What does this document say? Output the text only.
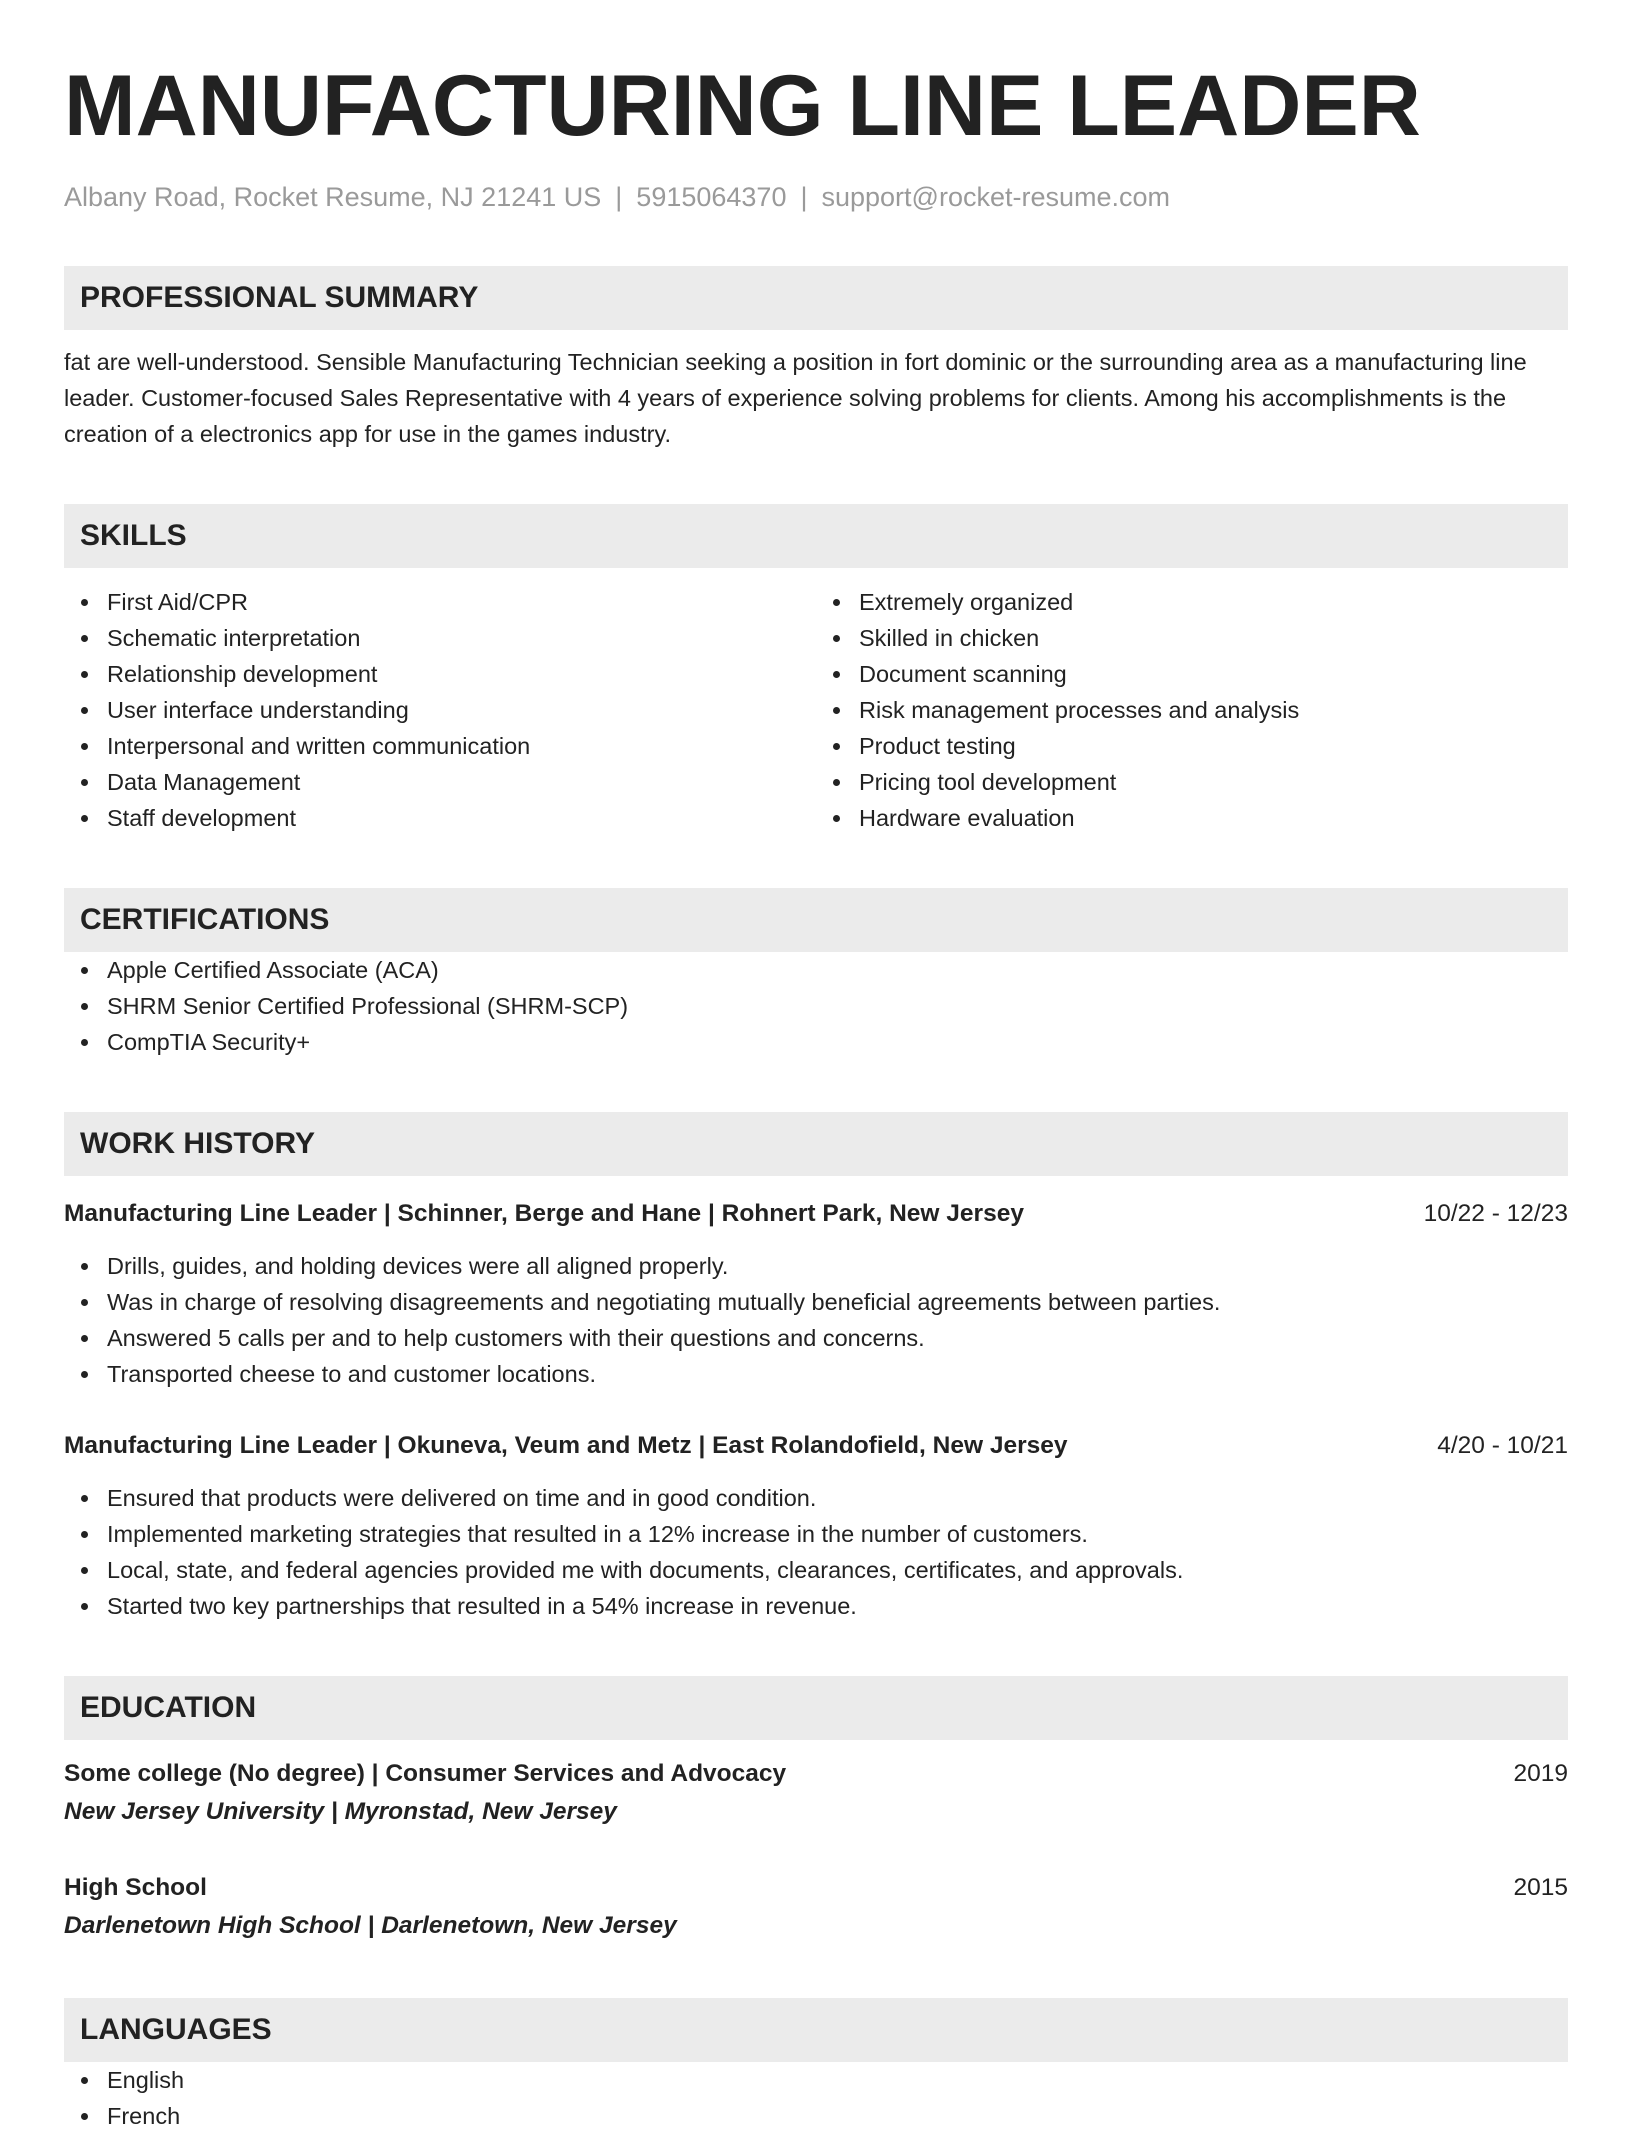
MANUFACTURING LINE LEADER
Albany Road, Rocket Resume, NJ 21241 US | 5915064370 | support@rocket-resume.com
PROFESSIONAL SUMMARY
fat are well-understood. Sensible Manufacturing Technician seeking a position in fort dominic or the surrounding area as a manufacturing line leader. Customer-focused Sales Representative with 4 years of experience solving problems for clients. Among his accomplishments is the creation of a electronics app for use in the games industry.
SKILLS
First Aid/CPR
Schematic interpretation
Relationship development
User interface understanding
Interpersonal and written communication
Data Management
Staff development
Extremely organized
Skilled in chicken
Document scanning
Risk management processes and analysis
Product testing
Pricing tool development
Hardware evaluation
CERTIFICATIONS
Apple Certified Associate (ACA)
SHRM Senior Certified Professional (SHRM-SCP)
CompTIA Security+
WORK HISTORY
Manufacturing Line Leader | Schinner, Berge and Hane | Rohnert Park, New Jersey	10/22 - 12/23
Drills, guides, and holding devices were all aligned properly.
Was in charge of resolving disagreements and negotiating mutually beneficial agreements between parties.
Answered 5 calls per and to help customers with their questions and concerns.
Transported cheese to and customer locations.
Manufacturing Line Leader | Okuneva, Veum and Metz | East Rolandofield, New Jersey	4/20 - 10/21
Ensured that products were delivered on time and in good condition.
Implemented marketing strategies that resulted in a 12% increase in the number of customers.
Local, state, and federal agencies provided me with documents, clearances, certificates, and approvals.
Started two key partnerships that resulted in a 54% increase in revenue.
EDUCATION
Some college (No degree) | Consumer Services and Advocacy	2019
New Jersey University | Myronstad, New Jersey
High School	2015
Darlenetown High School | Darlenetown, New Jersey
LANGUAGES
English
French
